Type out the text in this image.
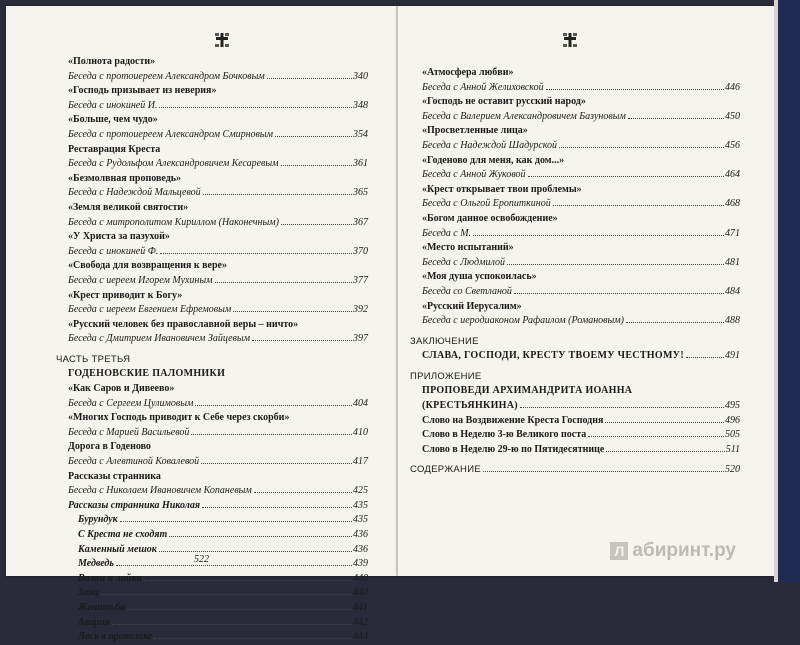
«Полнота радости»
Беседа с протоиереем Александром Бочковым	340
«Господь призывает из неверия»
Беседа с инокиней И.	348
«Больше, чем чудо»
Беседа с протоиереем Александром Смирновым	354
Реставрация Креста
Беседа с Рудольфом Александровичем Кесаревым	361
«Безмолвная проповедь»
Беседа с Надеждой Мальцевой	365
«Земля великой святости»
Беседа с митрополитом Кириллом (Наконечным)	367
«У Христа за пазухой»
Беседа с инокиней Ф.	370
«Свобода для возвращения к вере»
Беседа с иереем Игорем Мухиным	377
«Крест приводит к Богу»
Беседа с иереем Евгением Ефремовым	392
«Русский человек без православной веры – ничто»
Беседа с Дмитрием Ивановичем Зайцевым	397
ЧАСТЬ ТРЕТЬЯ
ГОДЕНОВСКИЕ ПАЛОМНИКИ
«Как Саров и Дивеево»
Беседа с Сергеем Цулимовым	404
«Многих Господь приводит к Себе через скорби»
Беседа с Марией Васильевой	410
Дорога в Годеново
Беседа с Алевтиной Ковалевой	417
Рассказы странника
Беседа с Николаем Ивановичем Копаневым	425
Рассказы странника Николая	435
Бурундук	435
С Креста не сходят	436
Каменный мешок	436
Медведь	439
Волки и лайки	440
Заяц	440
Женитьба	441
Авария	442
Лось в проволоке	444
522
«Атмосфера любви»
Беседа с Анной Желиховской	446
«Господь не оставит русский народ»
Беседа с Валерием Александровичем Базуновым	450
«Просветленные лица»
Беседа с Надеждой Шадурской	456
«Годеново для меня, как дом...»
Беседа с Анной Жуковой	464
«Крест открывает твои проблемы»
Беседа с Ольгой Еропиткиной	468
«Богом данное освобождение»
Беседа с М.	471
«Место испытаний»
Беседа с Людмилой	481
«Моя душа успокоилась»
Беседа со Светланой	484
«Русский Иерусалим»
Беседа с иеродиаконом Рафаилом (Романовым)	488
ЗАКЛЮЧЕНИЕ
СЛАВА, ГОСПОДИ, КРЕСТУ ТВОЕМУ ЧЕСТНОМУ!	491
ПРИЛОЖЕНИЕ
ПРОПОВЕДИ АРХИМАНДРИТА ИОАННА
(КРЕСТЬЯНКИНА)	495
Слово на Воздвижение Креста Господня	496
Слово в Неделю 3-ю Великого поста	505
Слово в Неделю 29-ю по Пятидесятнице	511
СОДЕРЖАНИЕ	520
Л абиринт.ру
